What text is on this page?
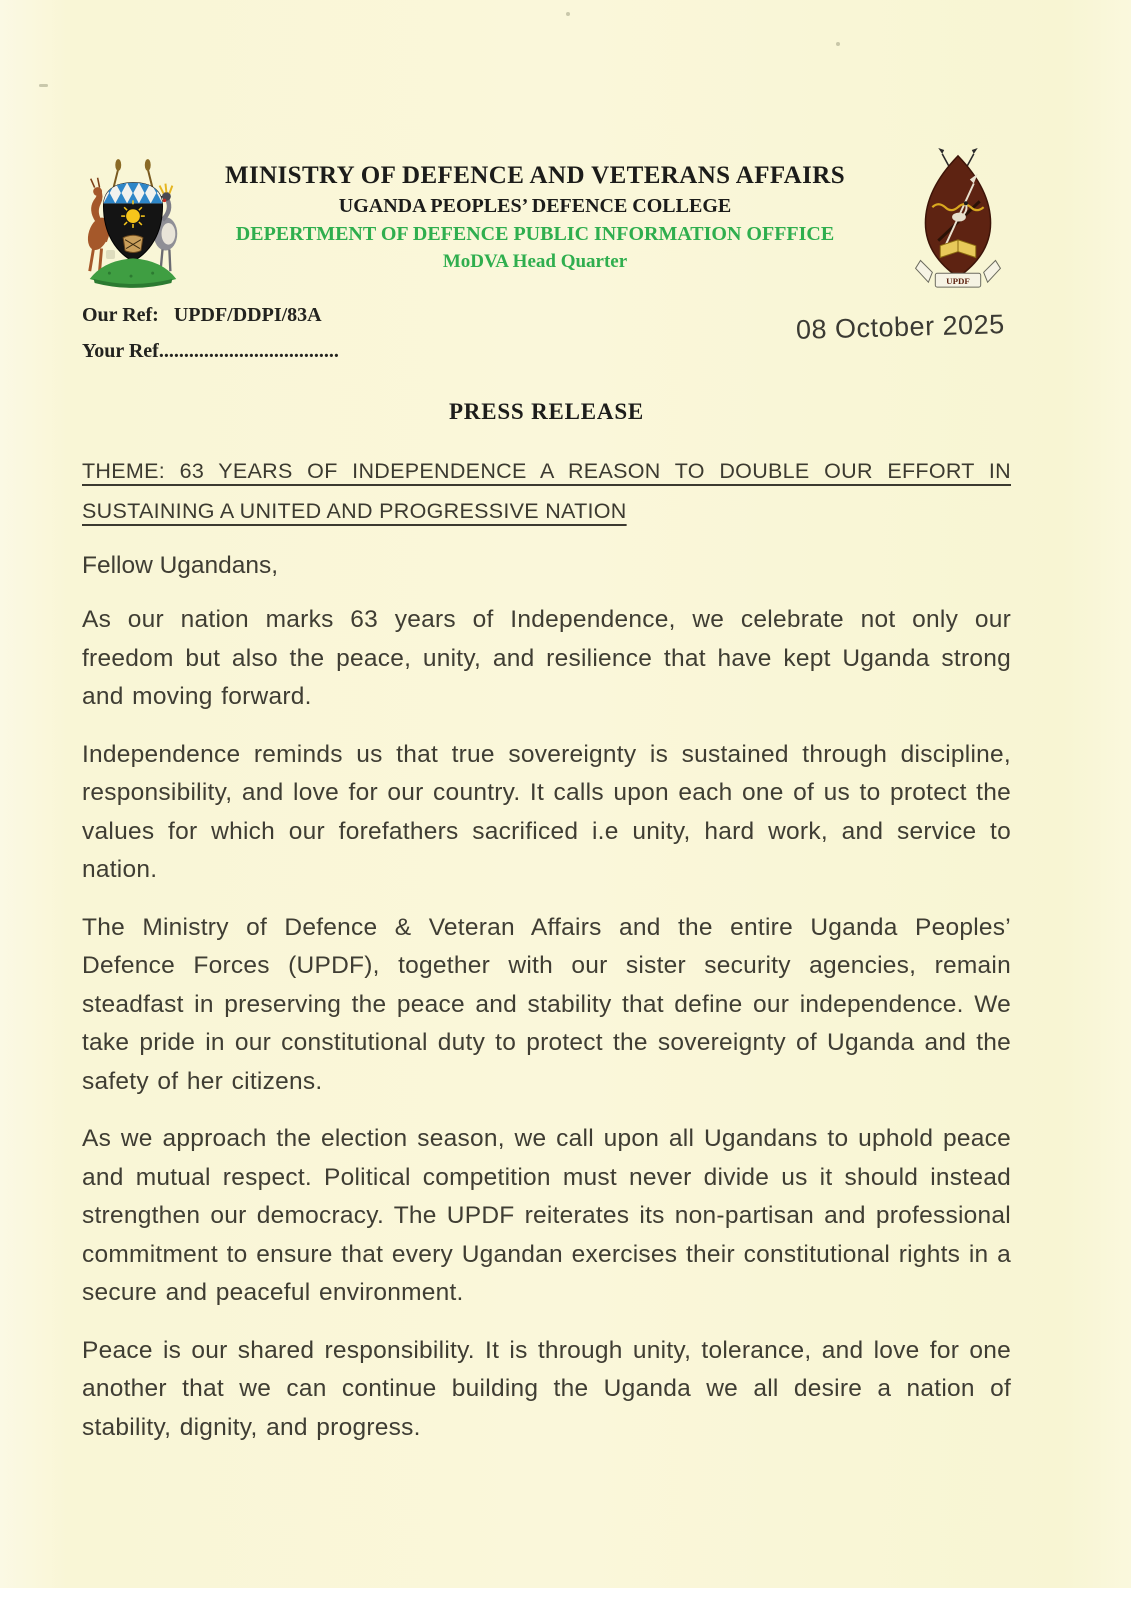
MINISTRY OF DEFENCE AND VETERANS AFFAIRS
UGANDA PEOPLES’ DEFENCE COLLEGE
DEPERTMENT OF DEFENCE PUBLIC INFORMATION OFFFICE
MoDVA Head Quarter
UPDF
Our Ref: UPDF/DDPI/83A
Your Ref....................................
08 October 2025
PRESS RELEASE
THEME: 63 YEARS OF INDEPENDENCE A REASON TO DOUBLE OUR EFFORT IN
SUSTAINING A UNITED AND PROGRESSIVE NATION
Fellow Ugandans,

As our nation marks 63 years of Independence, we celebrate not only our freedom but also the peace, unity, and resilience that have kept Uganda strong and moving forward.

Independence reminds us that true sovereignty is sustained through discipline, responsibility, and love for our country. It calls upon each one of us to protect the values for which our forefathers sacrificed i.e unity, hard work, and service to nation.

The Ministry of Defence & Veteran Affairs and the entire Uganda Peoples’ Defence Forces (UPDF), together with our sister security agencies, remain steadfast in preserving the peace and stability that define our independence. We take pride in our constitutional duty to protect the sovereignty of Uganda and the safety of her citizens.

As we approach the election season, we call upon all Ugandans to uphold peace and mutual respect. Political competition must never divide us it should instead strengthen our democracy. The UPDF reiterates its non-partisan and professional commitment to ensure that every Ugandan exercises their constitutional rights in a secure and peaceful environment.

Peace is our shared responsibility. It is through unity, tolerance, and love for one another that we can continue building the Uganda we all desire a nation of stability, dignity, and progress.
